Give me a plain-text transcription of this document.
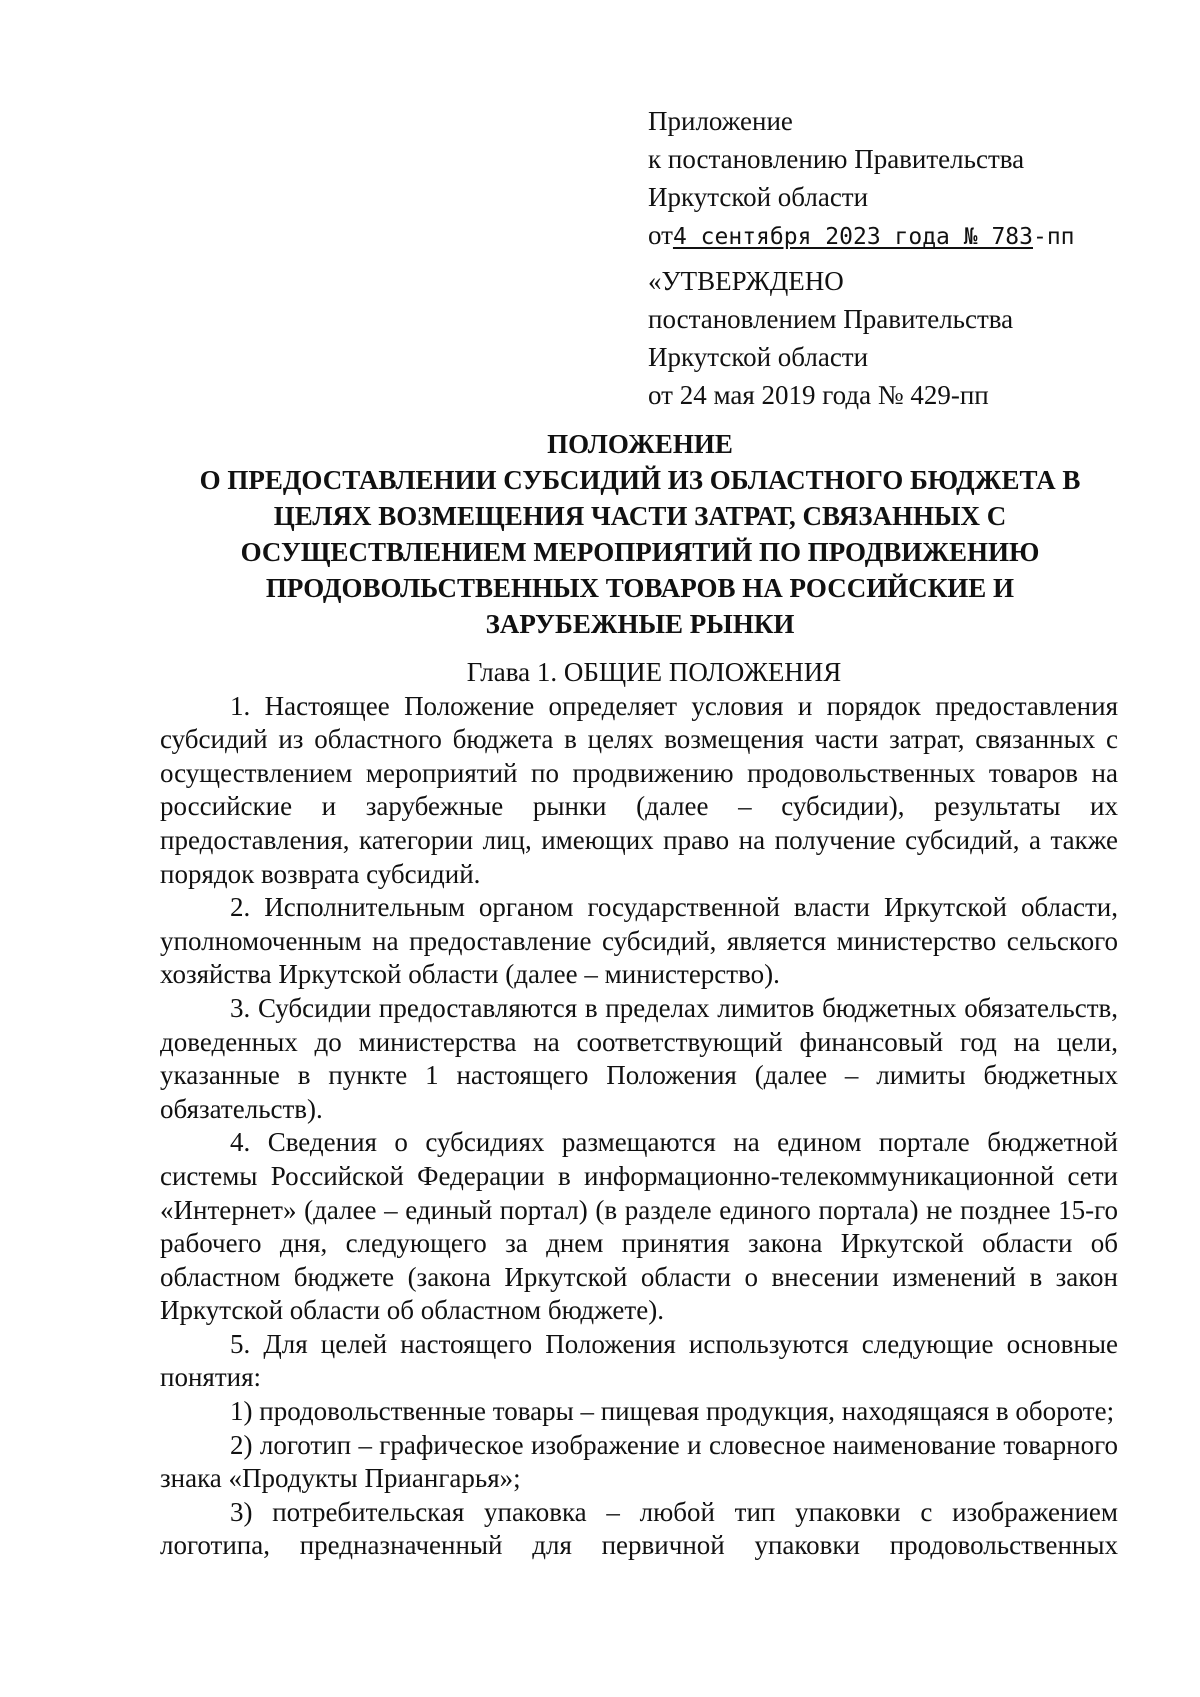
Приложение
к постановлению Правительства
Иркутской области
от4 сентября 2023 года № 783-пп
«УТВЕРЖДЕНО
постановлением Правительства
Иркутской области
от 24 мая 2019 года № 429-пп
ПОЛОЖЕНИЕ
О ПРЕДОСТАВЛЕНИИ СУБСИДИЙ ИЗ ОБЛАСТНОГО БЮДЖЕТА В
ЦЕЛЯХ ВОЗМЕЩЕНИЯ ЧАСТИ ЗАТРАТ, СВЯЗАННЫХ С
ОСУЩЕСТВЛЕНИЕМ МЕРОПРИЯТИЙ ПО ПРОДВИЖЕНИЮ
ПРОДОВОЛЬСТВЕННЫХ ТОВАРОВ НА РОССИЙСКИЕ И
ЗАРУБЕЖНЫЕ РЫНКИ

Глава 1. ОБЩИЕ ПОЛОЖЕНИЯ

1. Настоящее Положение определяет условия и порядок предоставления субсидий из областного бюджета в целях возмещения части затрат, связанных с осуществлением мероприятий по продвижению продовольственных товаров на российские и зарубежные рынки (далее – субсидии), результаты их предоставления, категории лиц, имеющих право на получение субсидий, а также порядок возврата субсидий.

2. Исполнительным органом государственной власти Иркутской области, уполномоченным на предоставление субсидий, является министерство сельского хозяйства Иркутской области (далее – министерство).

3. Субсидии предоставляются в пределах лимитов бюджетных обязательств, доведенных до министерства на соответствующий финансовый год на цели, указанные в пункте 1 настоящего Положения (далее – лимиты бюджетных обязательств).

4. Сведения о субсидиях размещаются на едином портале бюджетной системы Российской Федерации в информационно-телекоммуникационной сети «Интернет» (далее – единый портал) (в разделе единого портала) не позднее 15-го рабочего дня, следующего за днем принятия закона Иркутской области об областном бюджете (закона Иркутской области о внесении изменений в закон Иркутской области об областном бюджете).

5. Для целей настоящего Положения используются следующие основные понятия:

1) продовольственные товары – пищевая продукция, находящаяся в обороте;

2) логотип – графическое изображение и словесное наименование товарного знака «Продукты Приангарья»;

3) потребительская упаковка – любой тип упаковки с изображением логотипа, предназначенный для первичной упаковки продовольственных
